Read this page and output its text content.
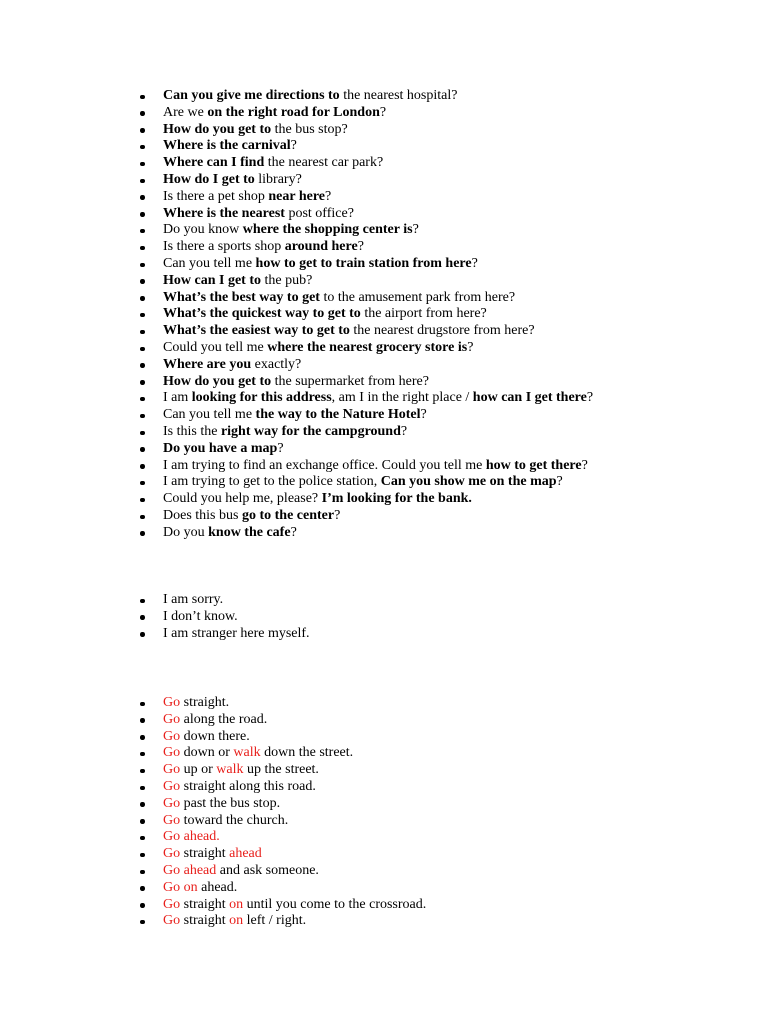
Can you give me directions to the nearest hospital?
Are we on the right road for London?
How do you get to the bus stop?
Where is the carnival?
Where can I find the nearest car park?
How do I get to library?
Is there a pet shop near here?
Where is the nearest post office?
Do you know where the shopping center is?
Is there a sports shop around here?
Can you tell me how to get to train station from here?
How can I get to the pub?
What’s the best way to get to the amusement park from here?
What’s the quickest way to get to the airport from here?
What’s the easiest way to get to the nearest drugstore from here?
Could you tell me where the nearest grocery store is?
Where are you exactly?
How do you get to the supermarket from here?
I am looking for this address, am I in the right place / how can I get there?
Can you tell me the way to the Nature Hotel?
Is this the right way for the campground?
Do you have a map?
I am trying to find an exchange office. Could you tell me how to get there?
I am trying to get to the police station, Can you show me on the map?
Could you help me, please? I’m looking for the bank.
Does this bus go to the center?
Do you know the cafe?
I am sorry.
I don’t know.
I am stranger here myself.
Go straight.
Go along the road.
Go down there.
Go down or walk down the street.
Go up or walk up the street.
Go straight along this road.
Go past the bus stop.
Go toward the church.
Go ahead.
Go straight ahead
Go ahead and ask someone.
Go on ahead.
Go straight on until you come to the crossroad.
Go straight on left / right.
